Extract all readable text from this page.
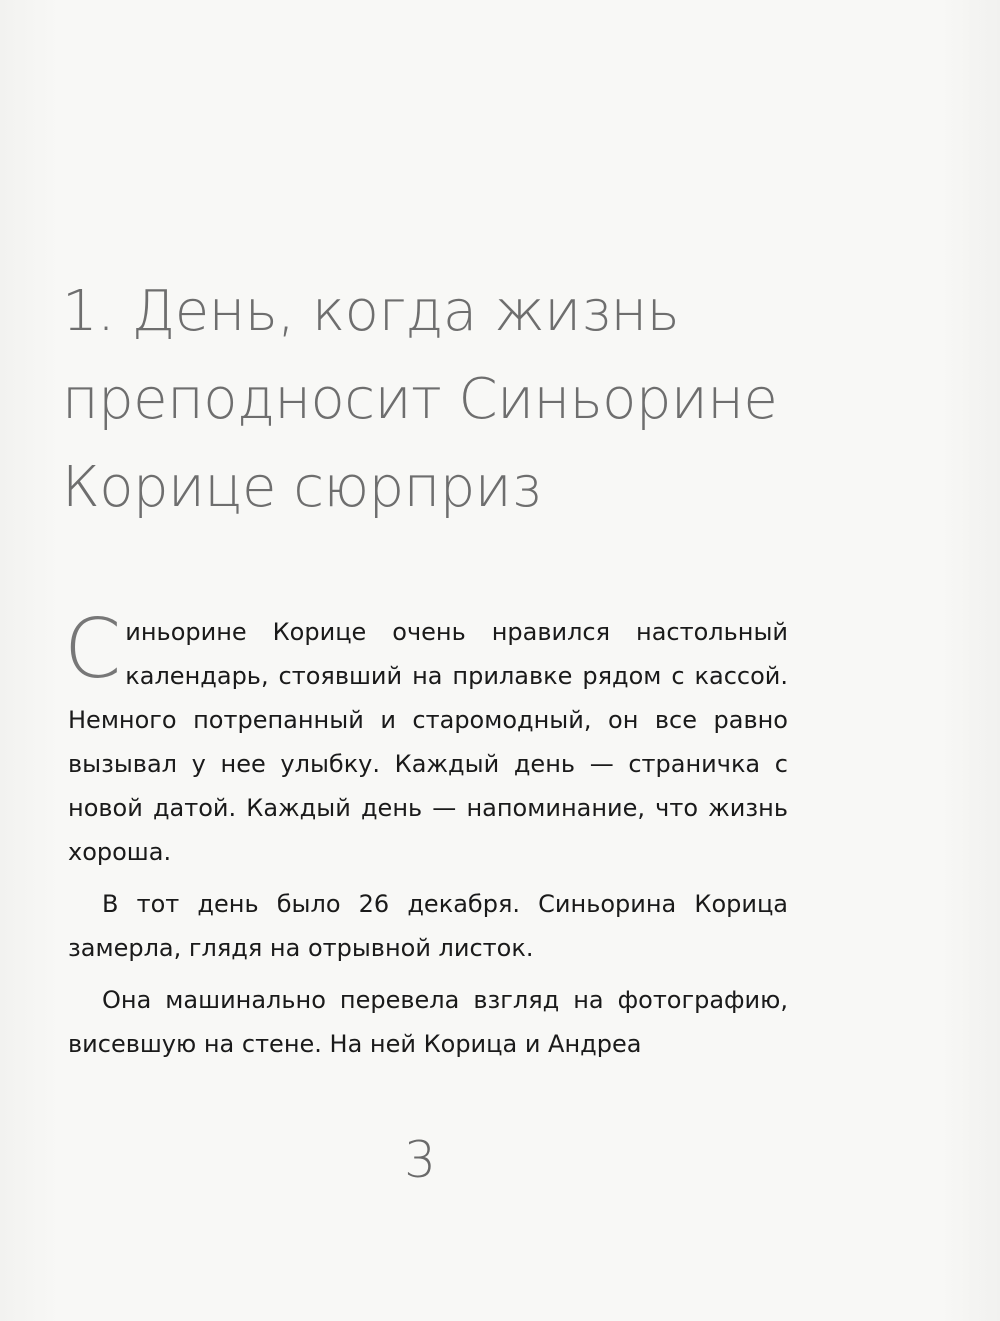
1. День, когда жизнь
преподносит Синьорине
Корице сюрприз

Синьорине Корице очень нравился настольный календарь, стоявший на прилавке рядом с кассой. Немного потрепанный и старомодный, он все равно вызывал у нее улыбку. Каждый день — страничка с новой датой. Каждый день — напоминание, что жизнь хороша.

В тот день было 26 декабря. Синьорина Корица замерла, глядя на отрывной листок.

Она машинально перевела взгляд на фотографию, висевшую на стене. На ней Корица и Андреа

3
